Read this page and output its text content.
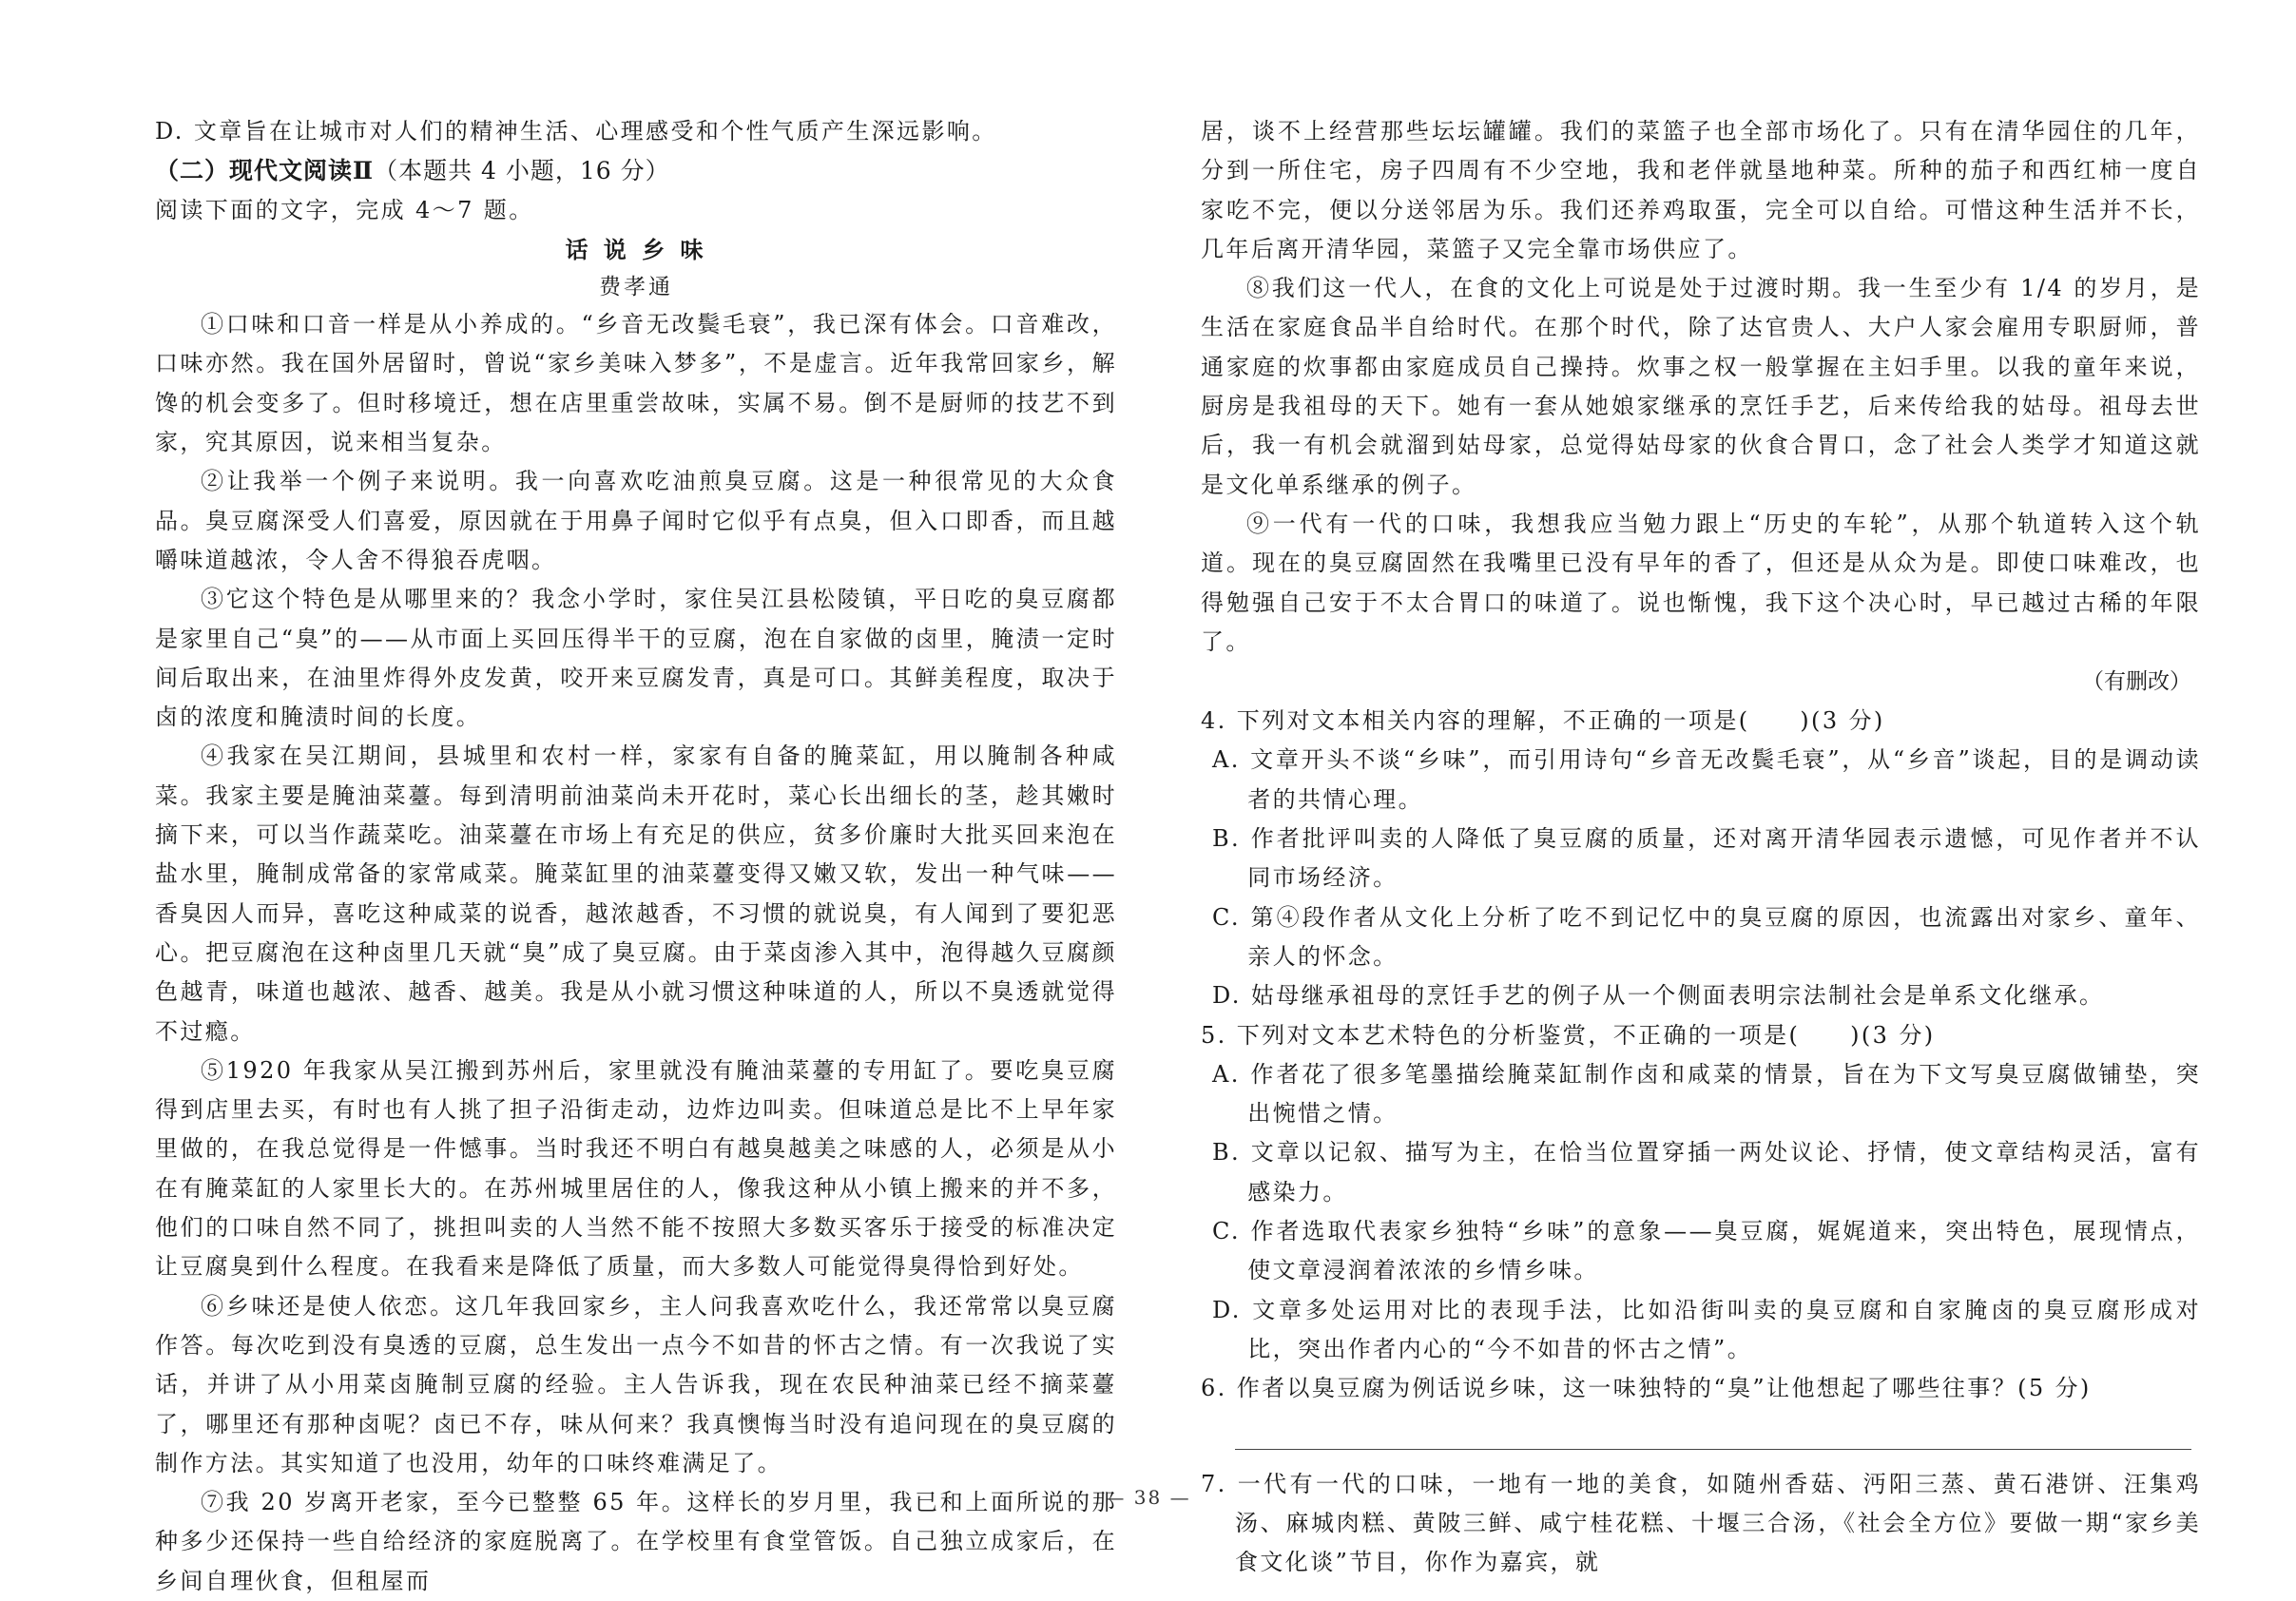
D. 文章旨在让城市对人们的精神生活、心理感受和个性气质产生深远影响。

（二）现代文阅读Ⅱ（本题共 4 小题，16 分）

阅读下面的文字，完成 4～7 题。

话 说 乡 味

费孝通

①口味和口音一样是从小养成的。“乡音无改鬓毛衰”，我已深有体会。口音难改，口味亦然。我在国外居留时，曾说“家乡美味入梦多”，不是虚言。近年我常回家乡，解馋的机会变多了。但时移境迁，想在店里重尝故味，实属不易。倒不是厨师的技艺不到家，究其原因，说来相当复杂。

②让我举一个例子来说明。我一向喜欢吃油煎臭豆腐。这是一种很常见的大众食品。臭豆腐深受人们喜爱，原因就在于用鼻子闻时它似乎有点臭，但入口即香，而且越嚼味道越浓，令人舍不得狼吞虎咽。

③它这个特色是从哪里来的？我念小学时，家住吴江县松陵镇，平日吃的臭豆腐都是家里自己“臭”的——从市面上买回压得半干的豆腐，泡在自家做的卤里，腌渍一定时间后取出来，在油里炸得外皮发黄，咬开来豆腐发青，真是可口。其鲜美程度，取决于卤的浓度和腌渍时间的长度。

④我家在吴江期间，县城里和农村一样，家家有自备的腌菜缸，用以腌制各种咸菜。我家主要是腌油菜薹。每到清明前油菜尚未开花时，菜心长出细长的茎，趁其嫩时摘下来，可以当作蔬菜吃。油菜薹在市场上有充足的供应，贫多价廉时大批买回来泡在盐水里，腌制成常备的家常咸菜。腌菜缸里的油菜薹变得又嫩又软，发出一种气味——香臭因人而异，喜吃这种咸菜的说香，越浓越香，不习惯的就说臭，有人闻到了要犯恶心。把豆腐泡在这种卤里几天就“臭”成了臭豆腐。由于菜卤渗入其中，泡得越久豆腐颜色越青，味道也越浓、越香、越美。我是从小就习惯这种味道的人，所以不臭透就觉得不过瘾。

⑤1920 年我家从吴江搬到苏州后，家里就没有腌油菜薹的专用缸了。要吃臭豆腐得到店里去买，有时也有人挑了担子沿街走动，边炸边叫卖。但味道总是比不上早年家里做的，在我总觉得是一件憾事。当时我还不明白有越臭越美之味感的人，必须是从小在有腌菜缸的人家里长大的。在苏州城里居住的人，像我这种从小镇上搬来的并不多，他们的口味自然不同了，挑担叫卖的人当然不能不按照大多数买客乐于接受的标准决定让豆腐臭到什么程度。在我看来是降低了质量，而大多数人可能觉得臭得恰到好处。

⑥乡味还是使人依恋。这几年我回家乡，主人问我喜欢吃什么，我还常常以臭豆腐作答。每次吃到没有臭透的豆腐，总生发出一点今不如昔的怀古之情。有一次我说了实话，并讲了从小用菜卤腌制豆腐的经验。主人告诉我，现在农民种油菜已经不摘菜薹了，哪里还有那种卤呢？卤已不存，味从何来？我真懊悔当时没有追问现在的臭豆腐的制作方法。其实知道了也没用，幼年的口味终难满足了。

⑦我 20 岁离开老家，至今已整整 65 年。这样长的岁月里，我已和上面所说的那种多少还保持一些自给经济的家庭脱离了。在学校里有食堂管饭。自己独立成家后，在乡间自理伙食，但租屋而

居，谈不上经营那些坛坛罐罐。我们的菜篮子也全部市场化了。只有在清华园住的几年，分到一所住宅，房子四周有不少空地，我和老伴就垦地种菜。所种的茄子和西红柿一度自家吃不完，便以分送邻居为乐。我们还养鸡取蛋，完全可以自给。可惜这种生活并不长，几年后离开清华园，菜篮子又完全靠市场供应了。

⑧我们这一代人，在食的文化上可说是处于过渡时期。我一生至少有 1/4 的岁月，是生活在家庭食品半自给时代。在那个时代，除了达官贵人、大户人家会雇用专职厨师，普通家庭的炊事都由家庭成员自己操持。炊事之权一般掌握在主妇手里。以我的童年来说，厨房是我祖母的天下。她有一套从她娘家继承的烹饪手艺，后来传给我的姑母。祖母去世后，我一有机会就溜到姑母家，总觉得姑母家的伙食合胃口，念了社会人类学才知道这就是文化单系继承的例子。

⑨一代有一代的口味，我想我应当勉力跟上“历史的车轮”，从那个轨道转入这个轨道。现在的臭豆腐固然在我嘴里已没有早年的香了，但还是从众为是。即使口味难改，也得勉强自己安于不太合胃口的味道了。说也惭愧，我下这个决心时，早已越过古稀的年限了。

（有删改）

4. 下列对文本相关内容的理解，不正确的一项是(　　)(3 分)

A. 文章开头不谈“乡味”，而引用诗句“乡音无改鬓毛衰”，从“乡音”谈起，目的是调动读者的共情心理。

B. 作者批评叫卖的人降低了臭豆腐的质量，还对离开清华园表示遗憾，可见作者并不认同市场经济。

C. 第④段作者从文化上分析了吃不到记忆中的臭豆腐的原因，也流露出对家乡、童年、亲人的怀念。

D. 姑母继承祖母的烹饪手艺的例子从一个侧面表明宗法制社会是单系文化继承。

5. 下列对文本艺术特色的分析鉴赏，不正确的一项是(　　)(3 分)

A. 作者花了很多笔墨描绘腌菜缸制作卤和咸菜的情景，旨在为下文写臭豆腐做铺垫，突出惋惜之情。

B. 文章以记叙、描写为主，在恰当位置穿插一两处议论、抒情，使文章结构灵活，富有感染力。

C. 作者选取代表家乡独特“乡味”的意象——臭豆腐，娓娓道来，突出特色，展现情点，使文章浸润着浓浓的乡情乡味。

D. 文章多处运用对比的表现手法，比如沿街叫卖的臭豆腐和自家腌卤的臭豆腐形成对比，突出作者内心的“今不如昔的怀古之情”。

6. 作者以臭豆腐为例话说乡味，这一味独特的“臭”让他想起了哪些往事？(5 分)

7. 一代有一代的口味，一地有一地的美食，如随州香菇、沔阳三蒸、黄石港饼、汪集鸡汤、麻城肉糕、黄陂三鲜、咸宁桂花糕、十堰三合汤，《社会全方位》要做一期“家乡美食文化谈”节目，你作为嘉宾，就

— 38 —
